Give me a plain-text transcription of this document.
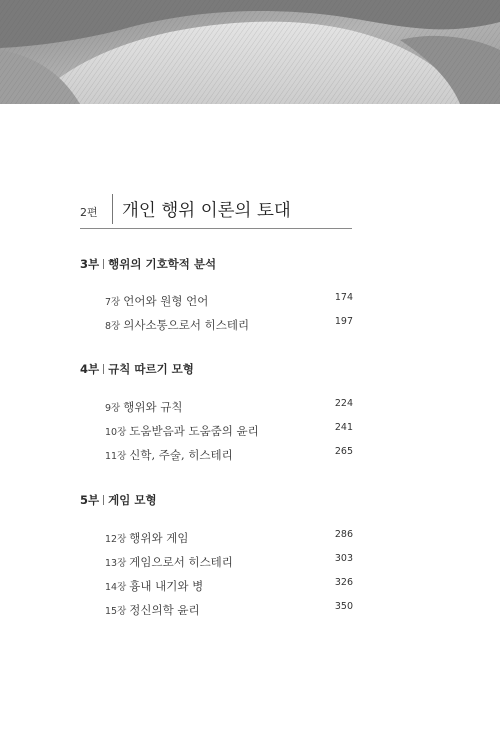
2편 개인 행위 이론의 토대
3부 행위의 기호학적 분석
7장 언어와 원형 언어	174
8장 의사소통으로서 히스테리	197
4부 규칙 따르기 모형
9장 행위와 규칙	224
10장 도움받음과 도움줌의 윤리	241
11장 신학, 주술, 히스테리	265
5부 게임 모형
12장 행위와 게임	286
13장 게임으로서 히스테리	303
14장 흉내 내기와 병	326
15장 정신의학 윤리	350
